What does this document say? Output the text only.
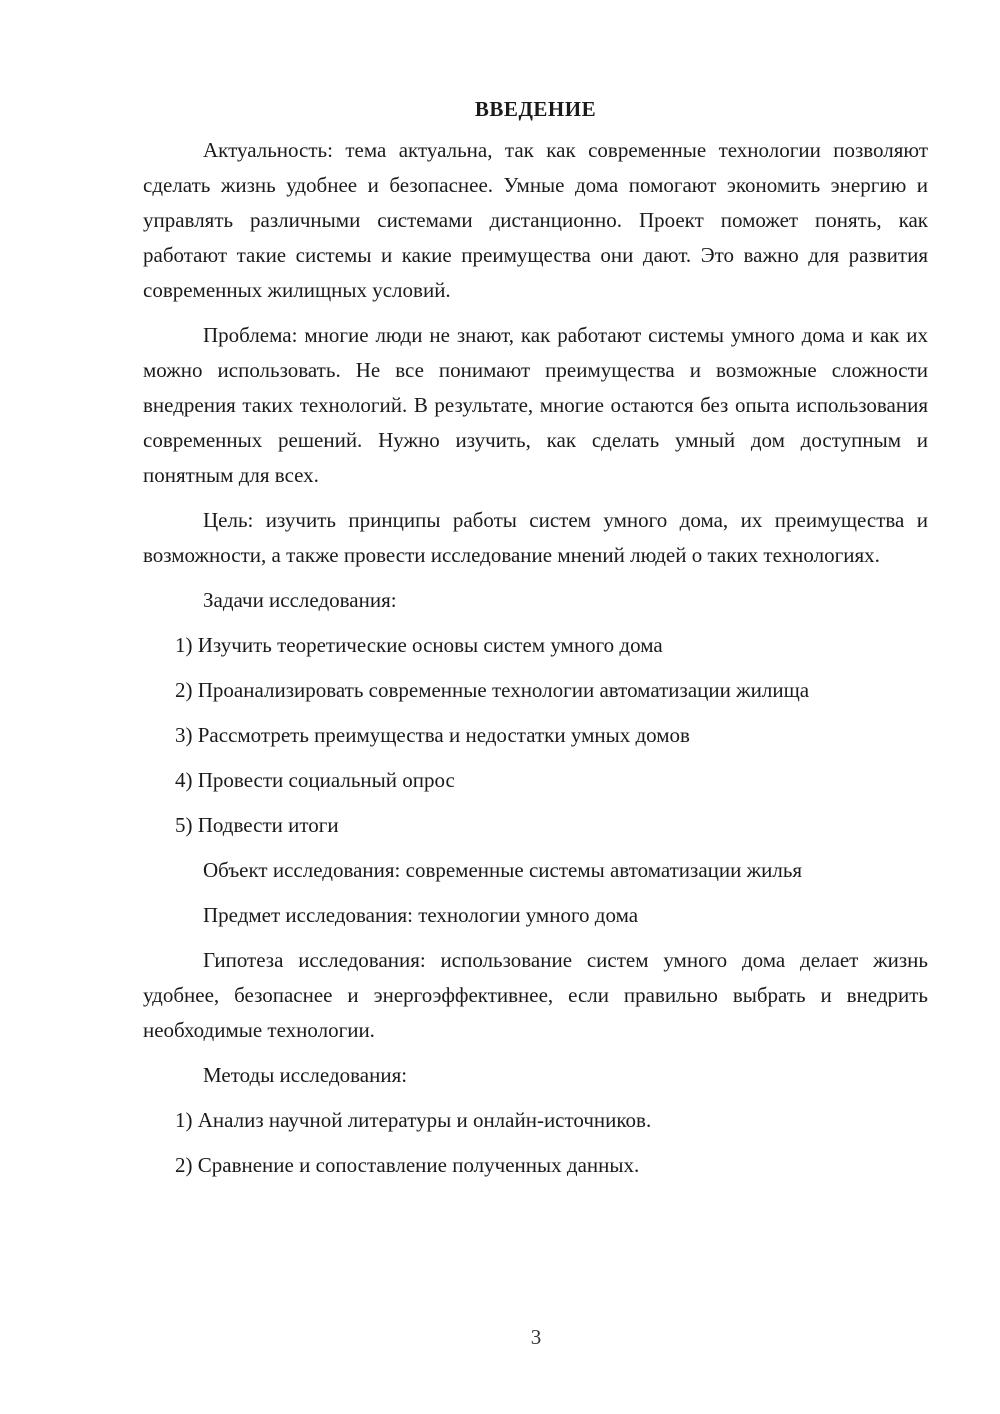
ВВЕДЕНИЕ

Актуальность: тема актуальна, так как современные технологии позволяют сделать жизнь удобнее и безопаснее. Умные дома помогают экономить энергию и управлять различными системами дистанционно. Проект поможет понять, как работают такие системы и какие преимущества они дают. Это важно для развития современных жилищных условий.

Проблема: многие люди не знают, как работают системы умного дома и как их можно использовать. Не все понимают преимущества и возможные сложности внедрения таких технологий. В результате, многие остаются без опыта использования современных решений. Нужно изучить, как сделать умный дом доступным и понятным для всех.

Цель: изучить принципы работы систем умного дома, их преимущества и возможности, а также провести исследование мнений людей о таких технологиях.

Задачи исследования:

1) Изучить теоретические основы систем умного дома

2) Проанализировать современные технологии автоматизации жилища

3) Рассмотреть преимущества и недостатки умных домов

4) Провести социальный опрос

5) Подвести итоги

Объект исследования: современные системы автоматизации жилья

Предмет исследования: технологии умного дома

Гипотеза исследования: использование систем умного дома делает жизнь удобнее, безопаснее и энергоэффективнее, если правильно выбрать и внедрить необходимые технологии.

Методы исследования:

1) Анализ научной литературы и онлайн-источников.

2) Сравнение и сопоставление полученных данных.

3
